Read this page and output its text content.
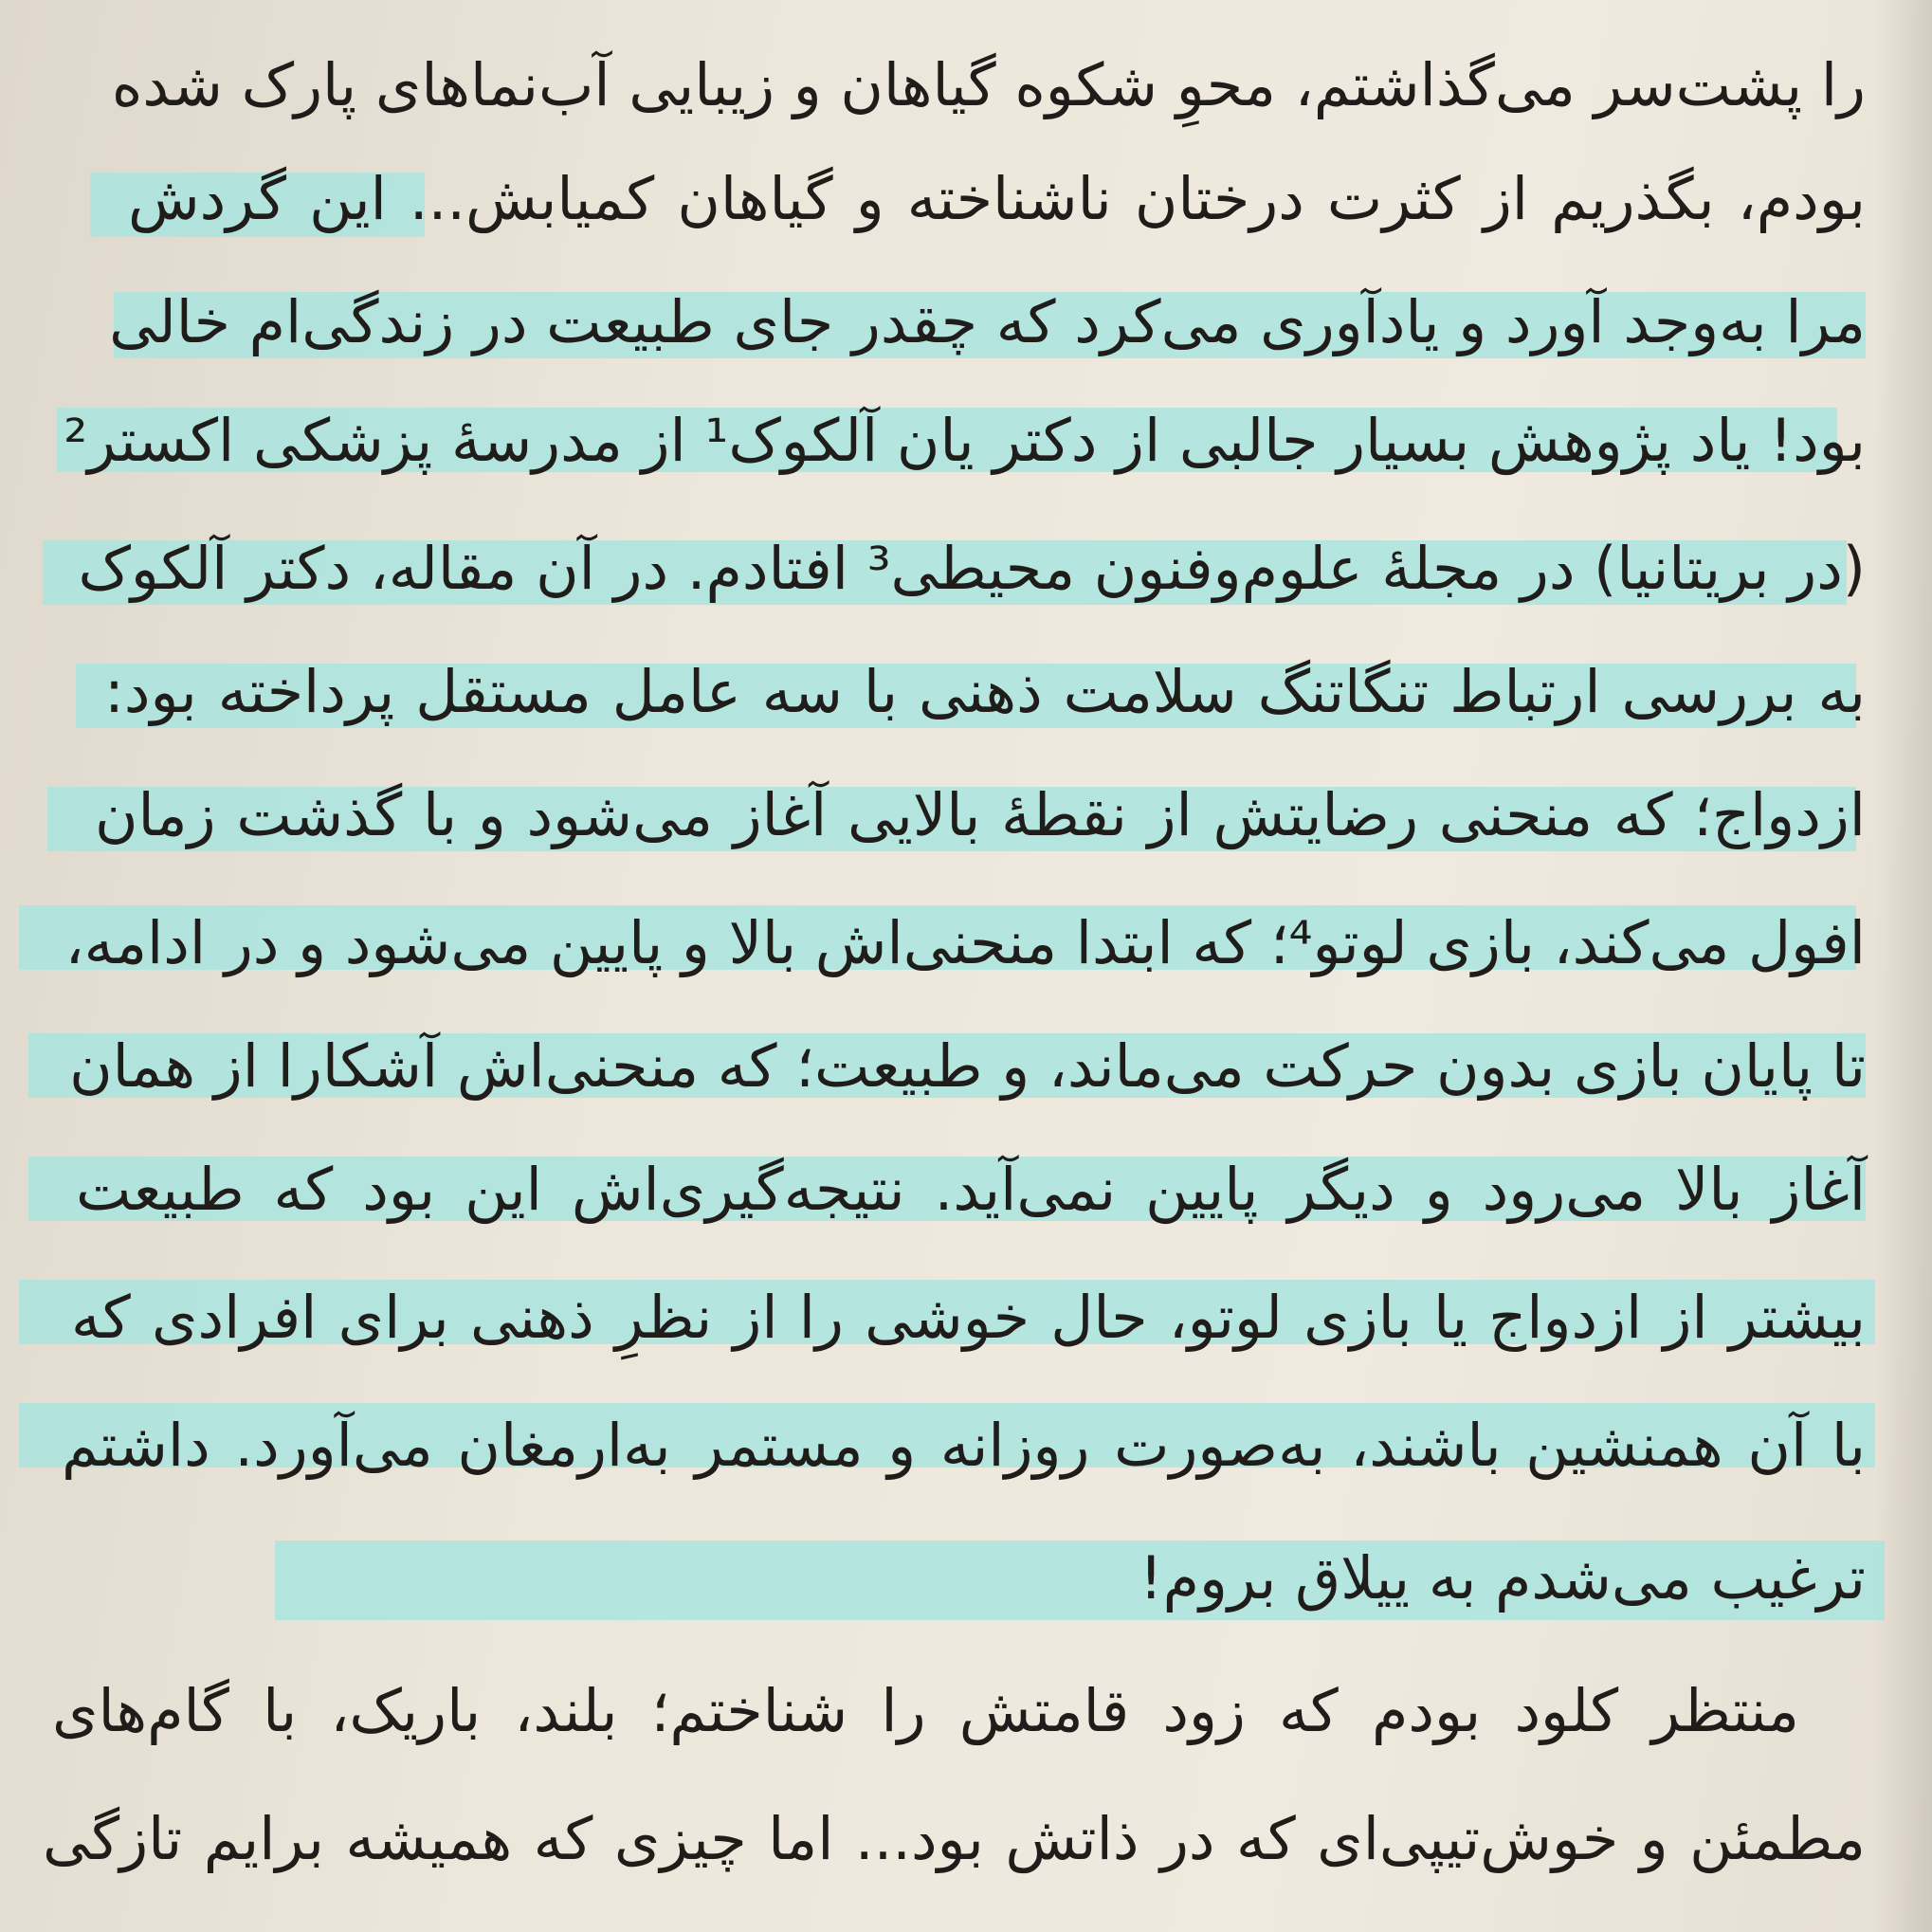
را پشت‌سر می‌گذاشتم، محوِ شکوه گیاهان و زیبایی آب‌نماهای پارک شده
بودم، بگذریم از کثرت درختان ناشناخته و گیاهان کمیابش... این گردش
مرا به‌وجد آورد و یادآوری می‌کرد که چقدر جای طبیعت در زندگی‌ام خالی
بود! یاد پژوهش بسیار جالبی از دکتر یان آلکوک¹ از مدرسهٔ پزشکی اکستر²
(در بریتانیا) در مجلهٔ علوم‌وفنون محیطی³ افتادم. در آن مقاله، دکتر آلکوک
به بررسی ارتباط تنگاتنگ سلامت ذهنی با سه عامل مستقل پرداخته بود:
ازدواج؛ که منحنی رضایتش از نقطهٔ بالایی آغاز می‌شود و با گذشت زمان
افول می‌کند، بازی لوتو⁴؛ که ابتدا منحنی‌اش بالا و پایین می‌شود و در ادامه،
تا پایان بازی بدون حرکت می‌ماند، و طبیعت؛ که منحنی‌اش آشکارا از همان
آغاز بالا می‌رود و دیگر پایین نمی‌آید. نتیجه‌گیری‌اش این بود که طبیعت
بیشتر از ازدواج یا بازی لوتو، حال خوشی را از نظرِ ذهنی برای افرادی که
با آن همنشین باشند، به‌صورت روزانه و مستمر به‌ارمغان می‌آورد. داشتم
ترغیب می‌شدم به ییلاق بروم!
منتظر کلود بودم که زود قامتش را شناختم؛ بلند، باریک، با گام‌های
مطمئن و خوش‌تیپی‌ای که در ذاتش بود... اما چیزی که همیشه برایم تازگی
